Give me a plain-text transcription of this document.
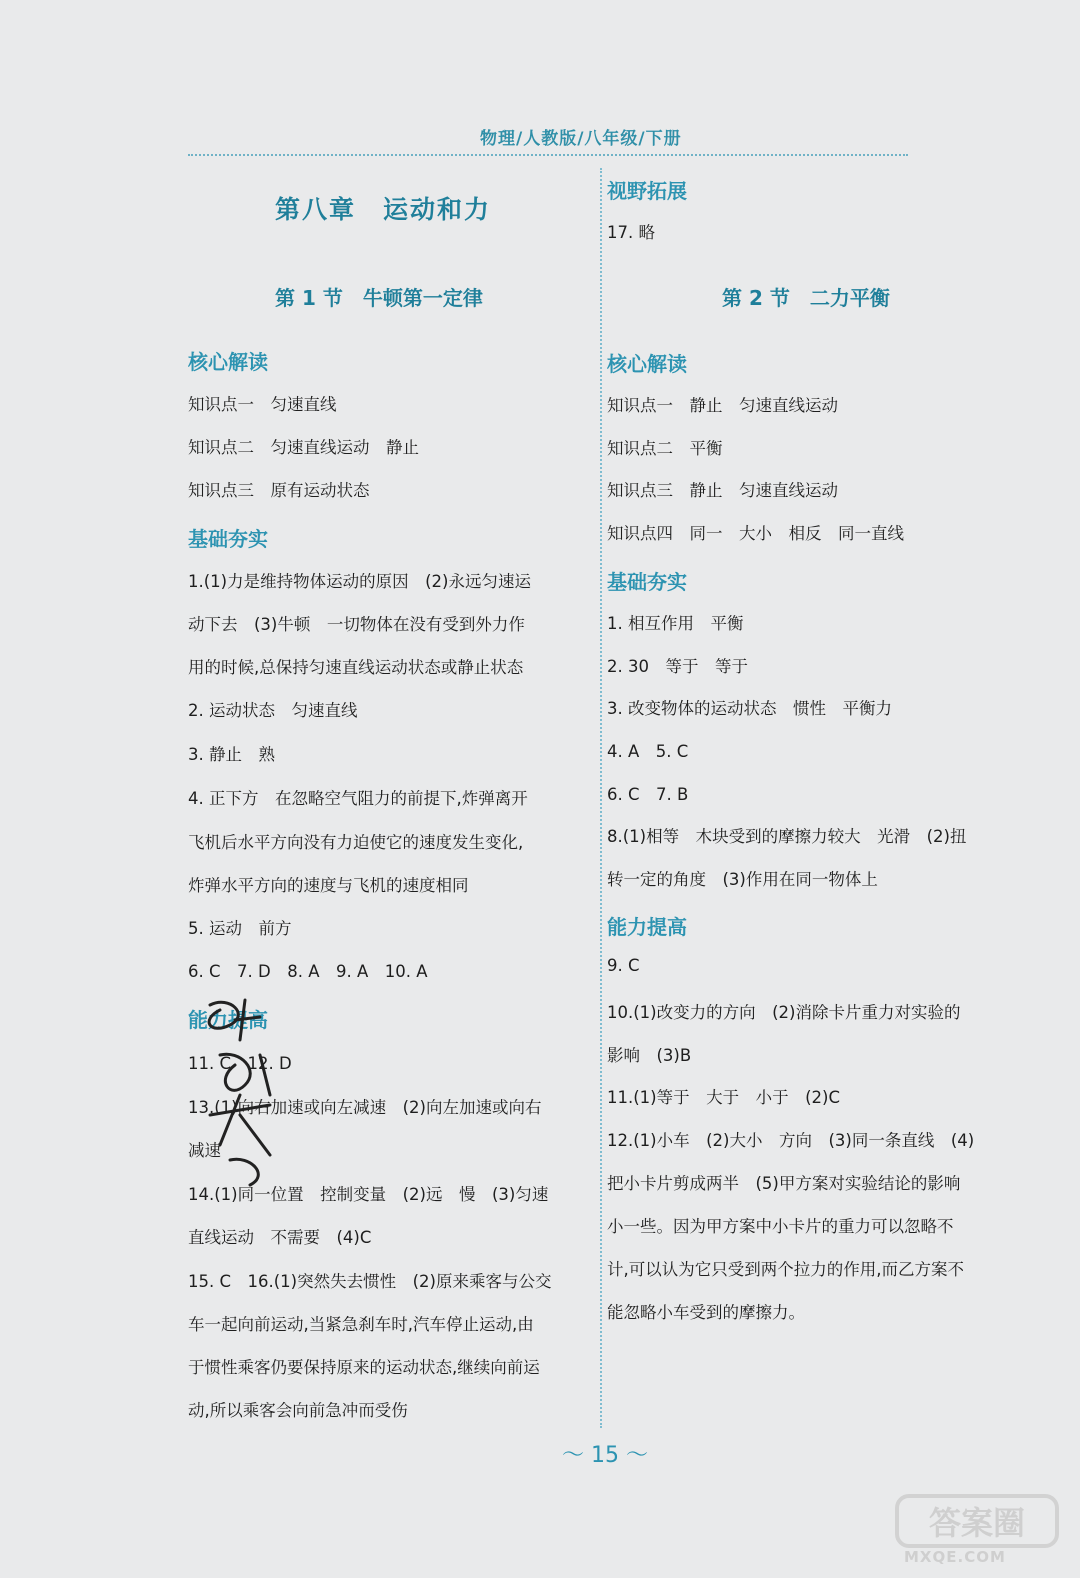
物理/人教版/八年级/下册
第八章　运动和力
第 1 节　牛顿第一定律
核心解读
知识点一　匀速直线
知识点二　匀速直线运动　静止
知识点三　原有运动状态
基础夯实
1.(1)力是维持物体运动的原因　(2)永远匀速运
动下去　(3)牛顿　一切物体在没有受到外力作
用的时候,总保持匀速直线运动状态或静止状态
2. 运动状态　匀速直线
3. 静止　熟
4. 正下方　在忽略空气阻力的前提下,炸弹离开
飞机后水平方向没有力迫使它的速度发生变化,
炸弹水平方向的速度与飞机的速度相同
5. 运动　前方
6. C　7. D　8. A　9. A　10. A
能力提高
11. C　12. D
13.(1)向右加速或向左减速　(2)向左加速或向右
减速
14.(1)同一位置　控制变量　(2)远　慢　(3)匀速
直线运动　不需要　(4)C
15. C　16.(1)突然失去惯性　(2)原来乘客与公交
车一起向前运动,当紧急刹车时,汽车停止运动,由
于惯性乘客仍要保持原来的运动状态,继续向前运
动,所以乘客会向前急冲而受伤
视野拓展
17. 略
第 2 节　二力平衡
核心解读
知识点一　静止　匀速直线运动
知识点二　平衡
知识点三　静止　匀速直线运动
知识点四　同一　大小　相反　同一直线
基础夯实
1. 相互作用　平衡
2. 30　等于　等于
3. 改变物体的运动状态　惯性　平衡力
4. A　5. C
6. C　7. B
8.(1)相等　木块受到的摩擦力较大　光滑　(2)扭
转一定的角度　(3)作用在同一物体上
能力提高
9. C
10.(1)改变力的方向　(2)消除卡片重力对实验的
影响　(3)B
11.(1)等于　大于　小于　(2)C
12.(1)小车　(2)大小　方向　(3)同一条直线　(4)
把小卡片剪成两半　(5)甲方案对实验结论的影响
小一些。因为甲方案中小卡片的重力可以忽略不
计,可以认为它只受到两个拉力的作用,而乙方案不
能忽略小车受到的摩擦力。
～ 15 ～
答案圈
MXQE.COM
